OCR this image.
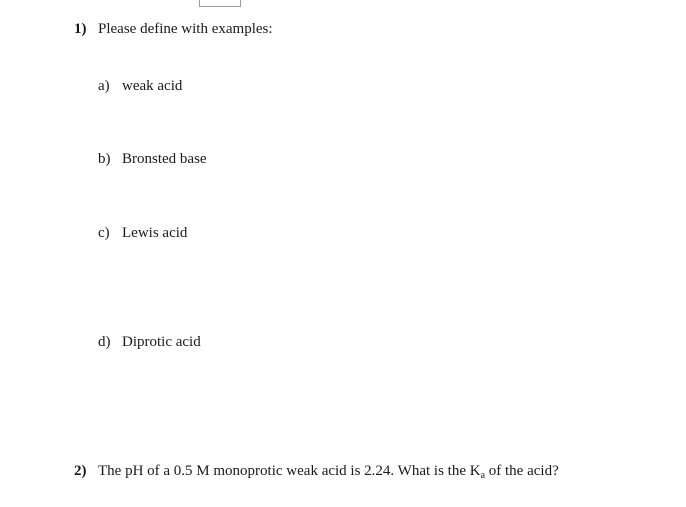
1) Please define with examples:
a) weak acid
b) Bronsted base
c) Lewis acid
d) Diprotic acid
2) The pH of a 0.5 M monoprotic weak acid is 2.24. What is the $K_a$ of the acid?
